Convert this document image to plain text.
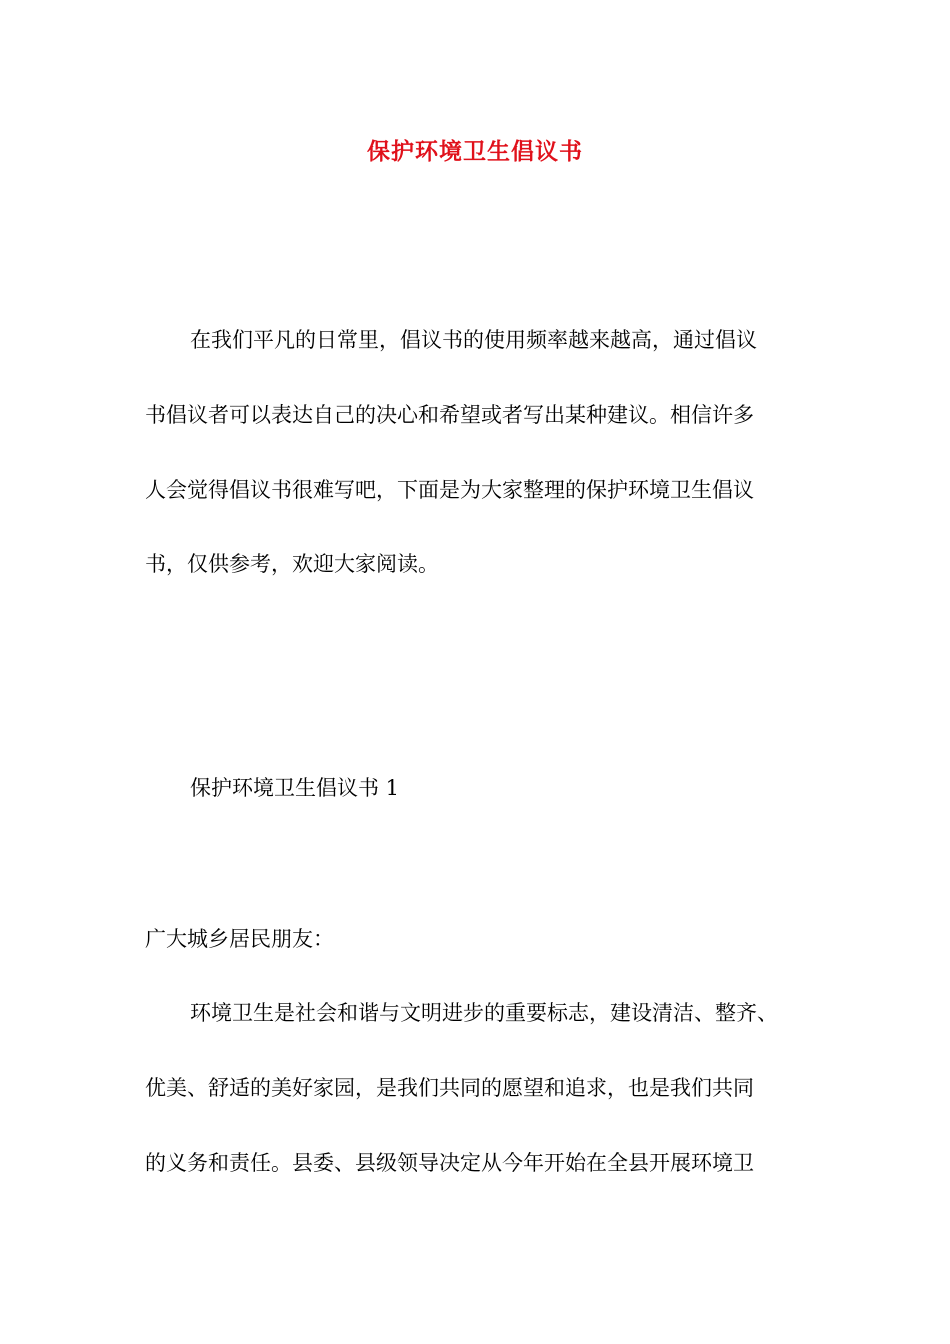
保护环境卫生倡议书
在我们平凡的日常里，倡议书的使用频率越来越高，通过倡议
书倡议者可以表达自己的决心和希望或者写出某种建议。相信许多
人会觉得倡议书很难写吧，下面是为大家整理的保护环境卫生倡议
书，仅供参考，欢迎大家阅读。
保护环境卫生倡议书 1
广大城乡居民朋友：
环境卫生是社会和谐与文明进步的重要标志，建设清洁、整齐、
优美、舒适的美好家园，是我们共同的愿望和追求，也是我们共同
的义务和责任。县委、县级领导决定从今年开始在全县开展环境卫
